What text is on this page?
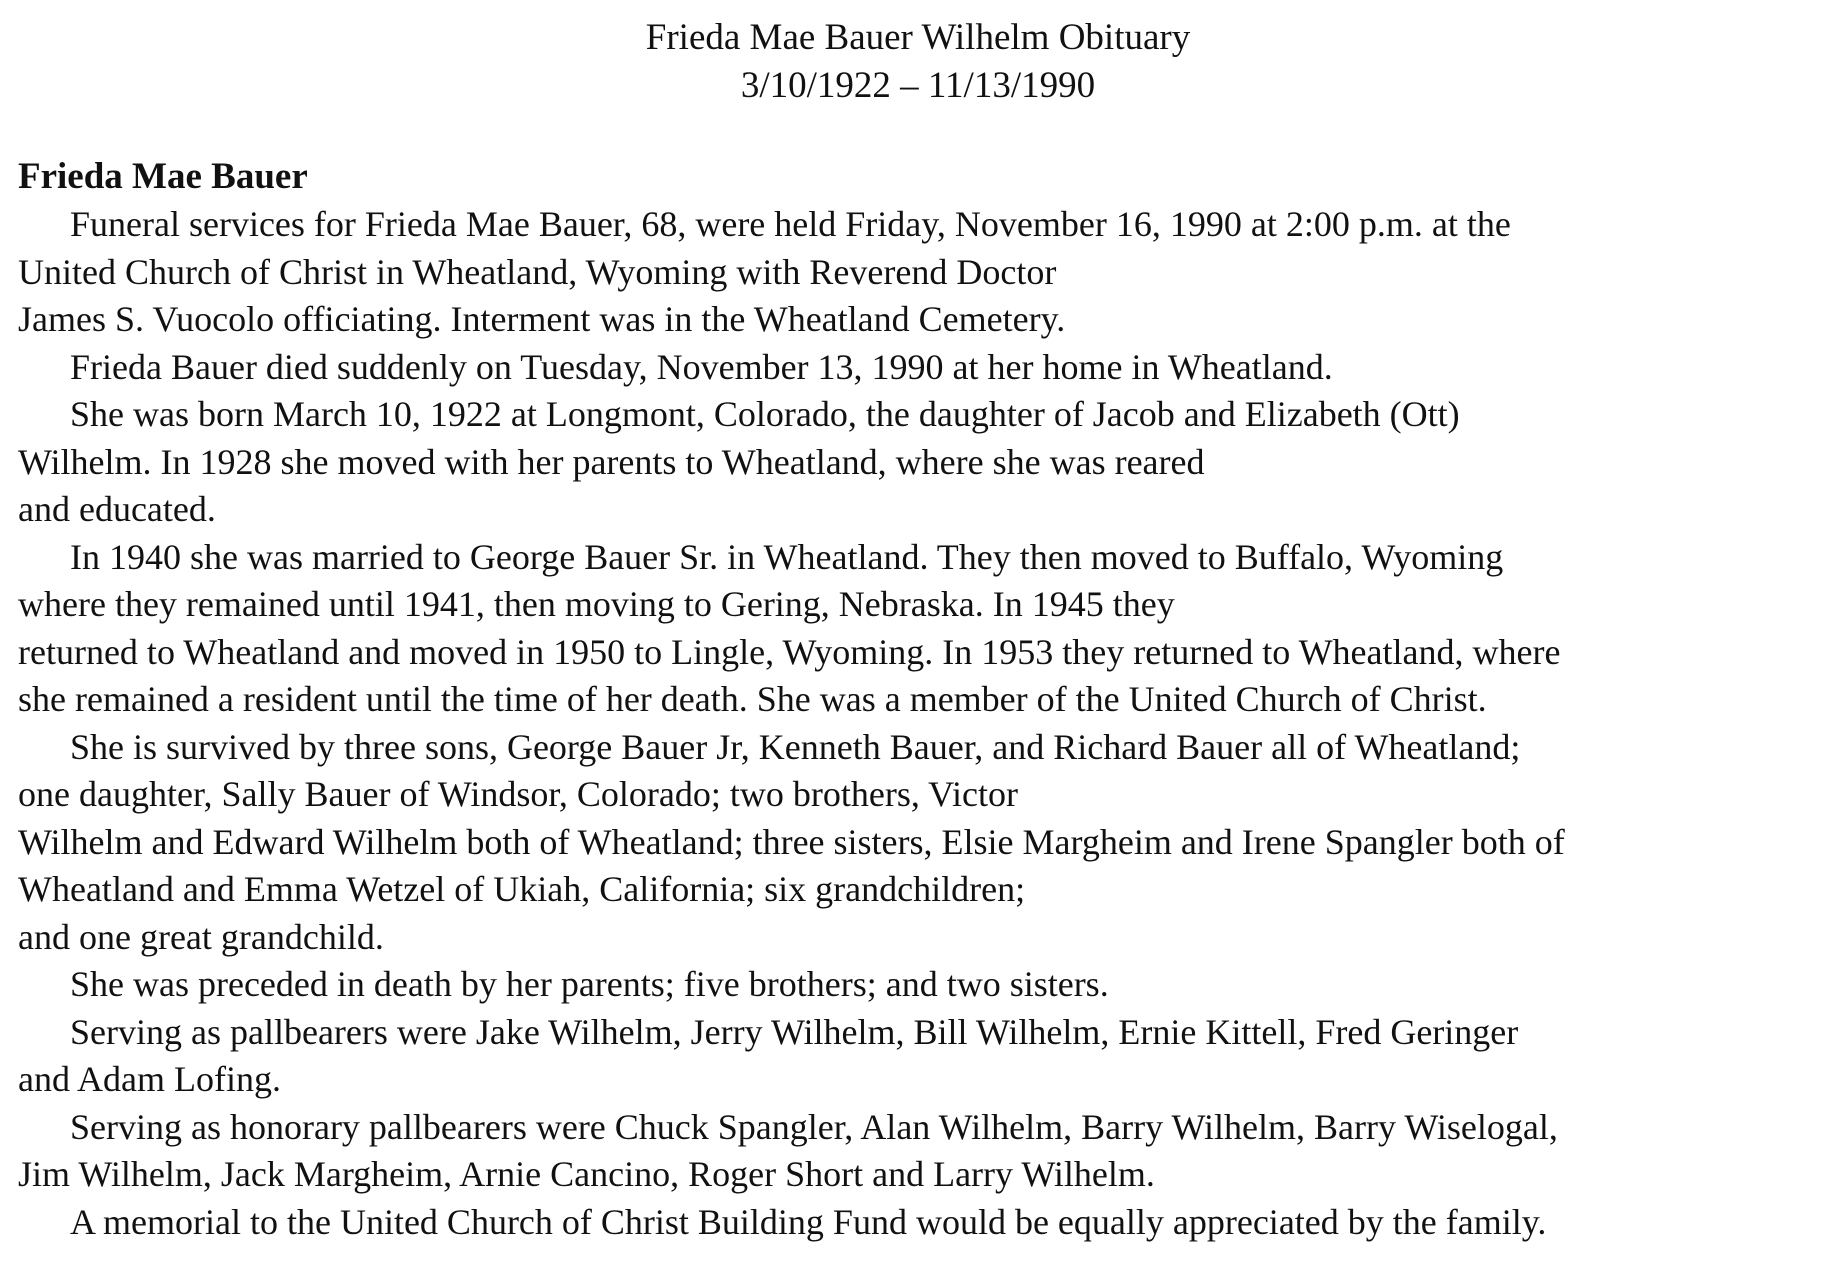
Frieda Mae Bauer Wilhelm Obituary
3/10/1922 – 11/13/1990
Frieda Mae Bauer
Funeral services for Frieda Mae Bauer, 68, were held Friday, November 16, 1990 at 2:00 p.m. at the
United Church of Christ in Wheatland, Wyoming with Reverend Doctor
James S. Vuocolo officiating. Interment was in the Wheatland Cemetery.
Frieda Bauer died suddenly on Tuesday, November 13, 1990 at her home in Wheatland.
She was born March 10, 1922 at Longmont, Colorado, the daughter of Jacob and Elizabeth (Ott)
Wilhelm. In 1928 she moved with her parents to Wheatland, where she was reared
and educated.
In 1940 she was married to George Bauer Sr. in Wheatland. They then moved to Buffalo, Wyoming
where they remained until 1941, then moving to Gering, Nebraska. In 1945 they
returned to Wheatland and moved in 1950 to Lingle, Wyoming. In 1953 they returned to Wheatland, where
she remained a resident until the time of her death. She was a member of the United Church of Christ.
She is survived by three sons, George Bauer Jr, Kenneth Bauer, and Richard Bauer all of Wheatland;
one daughter, Sally Bauer of Windsor, Colorado; two brothers, Victor
Wilhelm and Edward Wilhelm both of Wheatland; three sisters, Elsie Margheim and Irene Spangler both of
Wheatland and Emma Wetzel of Ukiah, California; six grandchildren;
and one great grandchild.
She was preceded in death by her parents; five brothers; and two sisters.
Serving as pallbearers were Jake Wilhelm, Jerry Wilhelm, Bill Wilhelm, Ernie Kittell, Fred Geringer
and Adam Lofing.
Serving as honorary pallbearers were Chuck Spangler, Alan Wilhelm, Barry Wilhelm, Barry Wiselogal,
Jim Wilhelm, Jack Margheim, Arnie Cancino, Roger Short and Larry Wilhelm.
A memorial to the United Church of Christ Building Fund would be equally appreciated by the family.
